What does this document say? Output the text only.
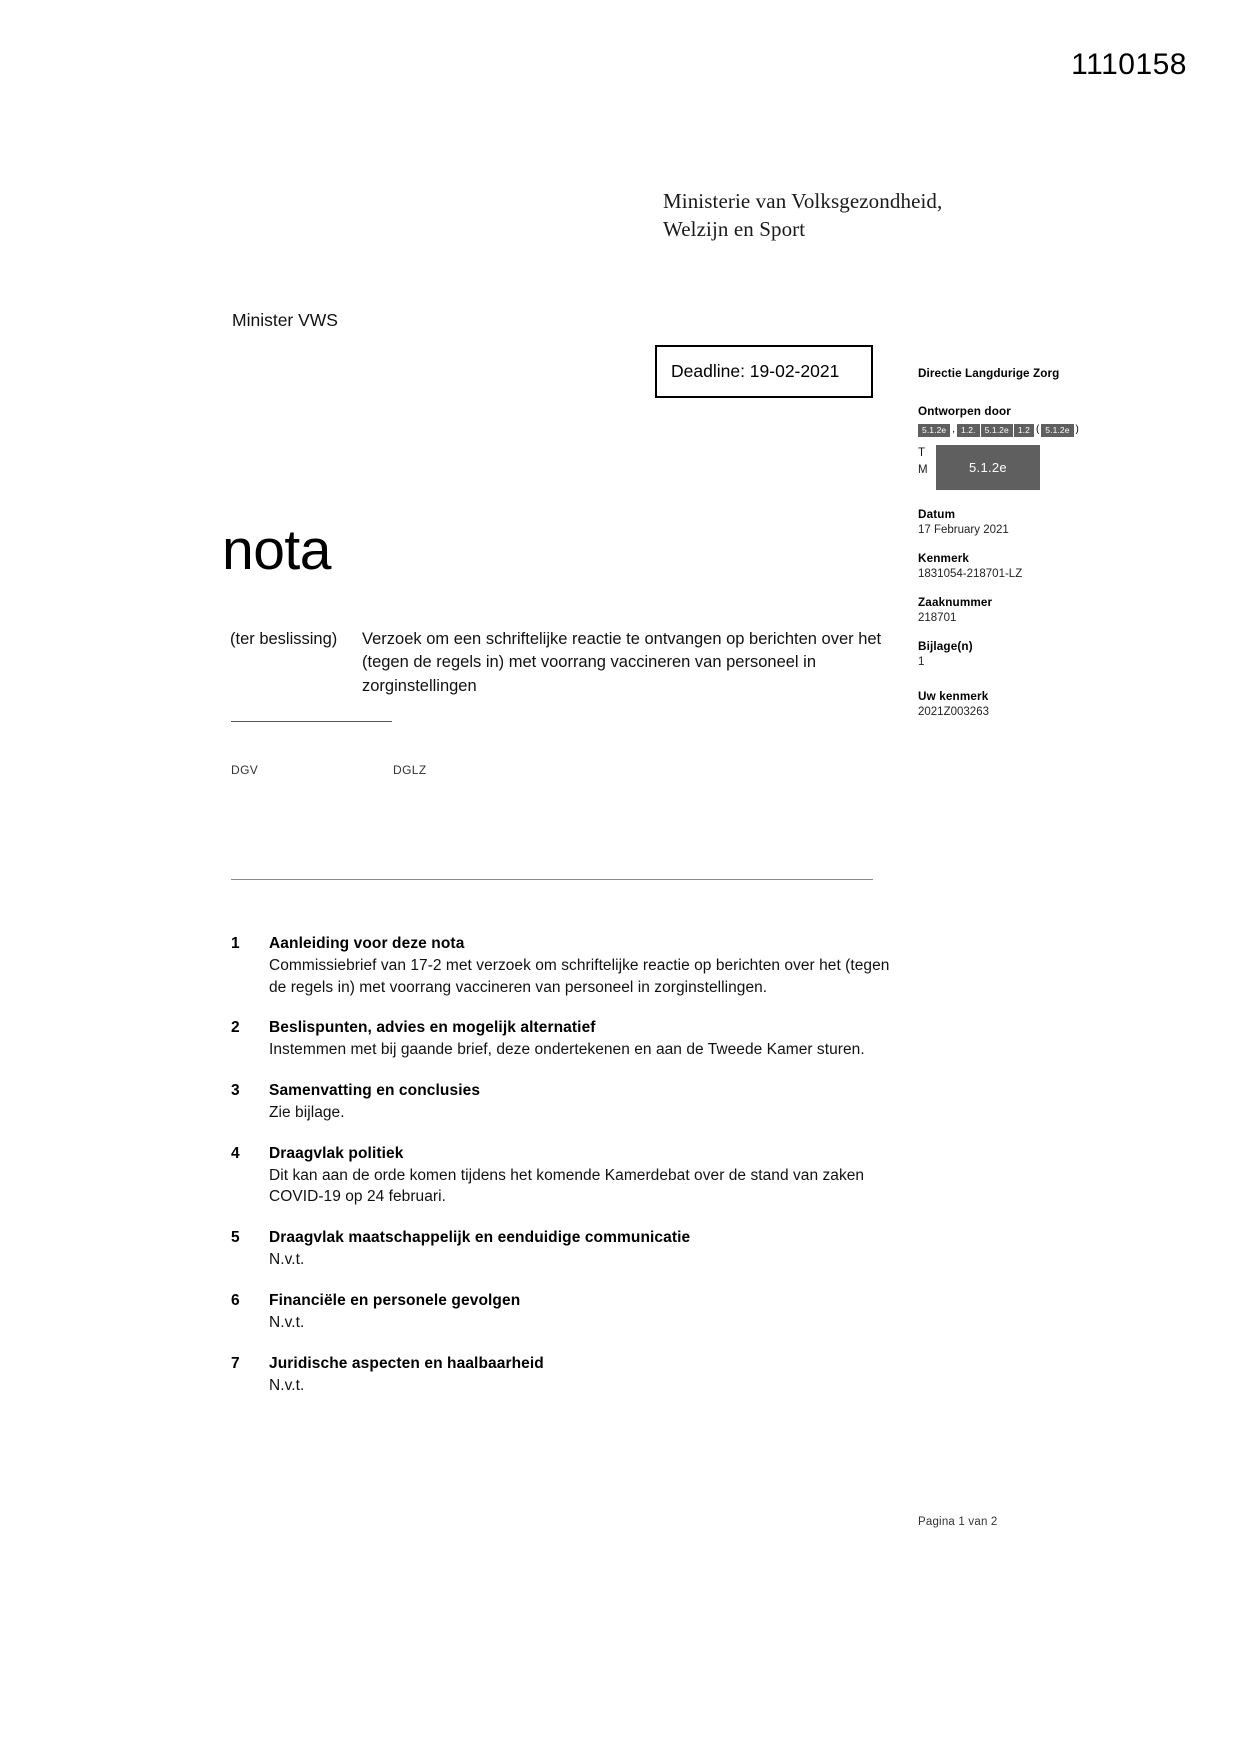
1110158
Ministerie van Volksgezondheid,
Welzijn en Sport
Minister VWS
Deadline: 19-02-2021	Directie Langdurige Zorg
Ontworpen door
5.1.2e , 1.2.	5.1.2e	1.2 ( 5.1.2e )
T
M	5.1.2e
Datum
17 February 2021
Kenmerk
1831054-218701-LZ
Zaaknummer
218701
Bijlage(n)
1
Uw kenmerk
2021Z003263
nota
(ter beslissing)	Verzoek om een schriftelijke reactie te ontvangen op berichten over het (tegen de regels in) met voorrang vaccineren van personeel in zorginstellingen
DGV	DGLZ
1	Aanleiding voor deze nota
Commissiebrief van 17-2 met verzoek om schriftelijke reactie op berichten over het (tegen de regels in) met voorrang vaccineren van personeel in zorginstellingen.
2	Beslispunten, advies en mogelijk alternatief
Instemmen met bij gaande brief, deze ondertekenen en aan de Tweede Kamer sturen.
3	Samenvatting en conclusies
Zie bijlage.
4	Draagvlak politiek
Dit kan aan de orde komen tijdens het komende Kamerdebat over de stand van zaken COVID-19 op 24 februari.
5	Draagvlak maatschappelijk en eenduidige communicatie
N.v.t.
6	Financiële en personele gevolgen
N.v.t.
7	Juridische aspecten en haalbaarheid
N.v.t.
Pagina 1 van 2
